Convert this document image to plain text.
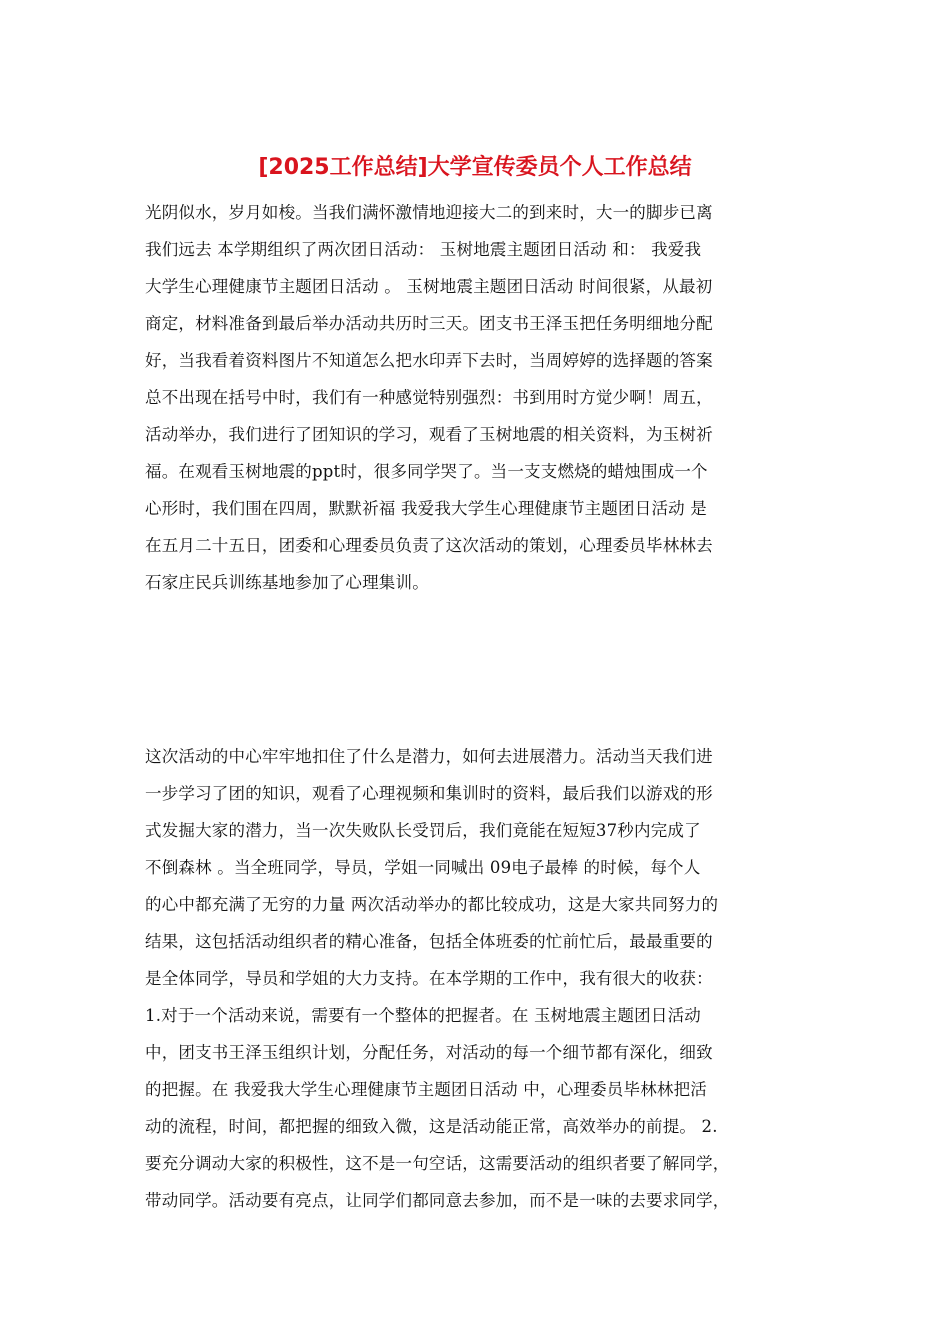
[2025工作总结]大学宣传委员个人工作总结
光阴似水，岁月如梭。当我们满怀激情地迎接大二的到来时，大一的脚步已离
我们远去 本学期组织了两次团日活动： 玉树地震主题团日活动 和： 我爱我
大学生心理健康节主题团日活动 。 玉树地震主题团日活动 时间很紧，从最初
商定，材料准备到最后举办活动共历时三天。团支书王泽玉把任务明细地分配
好，当我看着资料图片不知道怎么把水印弄下去时，当周婷婷的选择题的答案
总不出现在括号中时，我们有一种感觉特别强烈：书到用时方觉少啊！周五，
活动举办，我们进行了团知识的学习，观看了玉树地震的相关资料，为玉树祈
福。在观看玉树地震的ppt时，很多同学哭了。当一支支燃烧的蜡烛围成一个
心形时，我们围在四周，默默祈福 我爱我大学生心理健康节主题团日活动 是
在五月二十五日，团委和心理委员负责了这次活动的策划，心理委员毕林林去
石家庄民兵训练基地参加了心理集训。
这次活动的中心牢牢地扣住了什么是潜力，如何去进展潜力。活动当天我们进
一步学习了团的知识，观看了心理视频和集训时的资料，最后我们以游戏的形
式发掘大家的潜力，当一次失败队长受罚后，我们竟能在短短37秒内完成了
不倒森林 。当全班同学，导员，学姐一同喊出 09电子最棒 的时候，每个人
的心中都充满了无穷的力量 两次活动举办的都比较成功，这是大家共同努力的
结果，这包括活动组织者的精心准备，包括全体班委的忙前忙后，最最重要的
是全体同学，导员和学姐的大力支持。在本学期的工作中，我有很大的收获：
1.对于一个活动来说，需要有一个整体的把握者。在 玉树地震主题团日活动
中，团支书王泽玉组织计划，分配任务，对活动的每一个细节都有深化，细致
的把握。在 我爱我大学生心理健康节主题团日活动 中，心理委员毕林林把活
动的流程，时间，都把握的细致入微，这是活动能正常，高效举办的前提。 2.
要充分调动大家的积极性，这不是一句空话，这需要活动的组织者要了解同学，
带动同学。活动要有亮点，让同学们都同意去参加，而不是一味的去要求同学，
